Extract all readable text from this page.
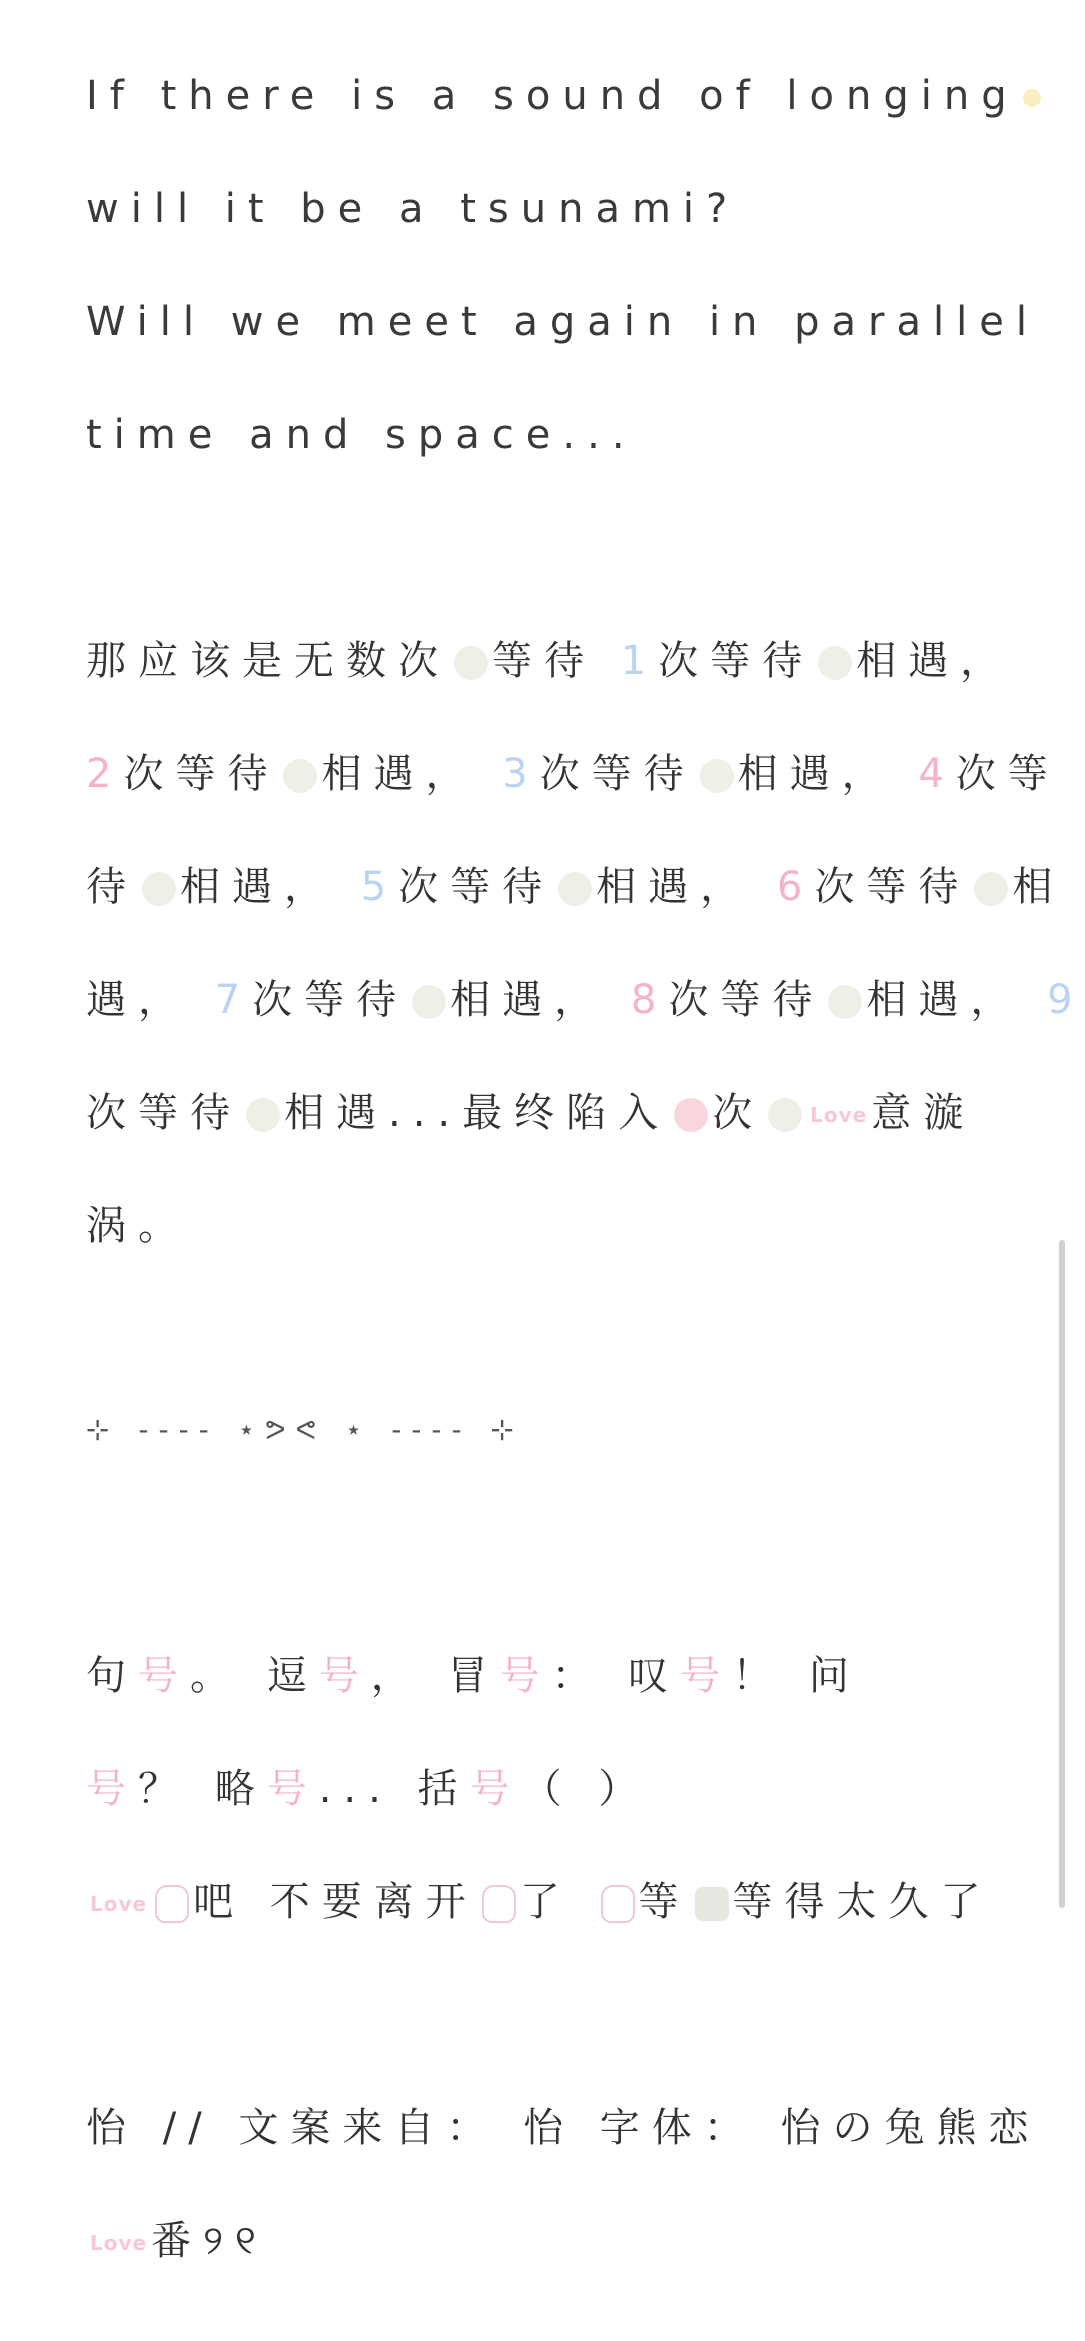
If there is a sound of longing
will it be a tsunami?
Will we meet again in parallel
time and space...
那应该是无数次 等待 1次等待 相遇，
2次等待 相遇， 3次等待 相遇， 4次等
待 相遇， 5次等待 相遇， 6次等待 相
遇， 7次等待 相遇， 8次等待 相遇， 9
次等待 相遇...最终陷入 次 Love 意漩
涡。
⊹ ---- ⋆ᕗᕙ ⋆ ---- ⊹
句号。 逗号， 冒号： 叹号！ 问
号？ 略号... 括号（ ）
Love 吧 不要离开 了 等 等得太久了
怡 // 文案来自： 怡 字体： 怡の兔熊恋
Love 番୨୧
